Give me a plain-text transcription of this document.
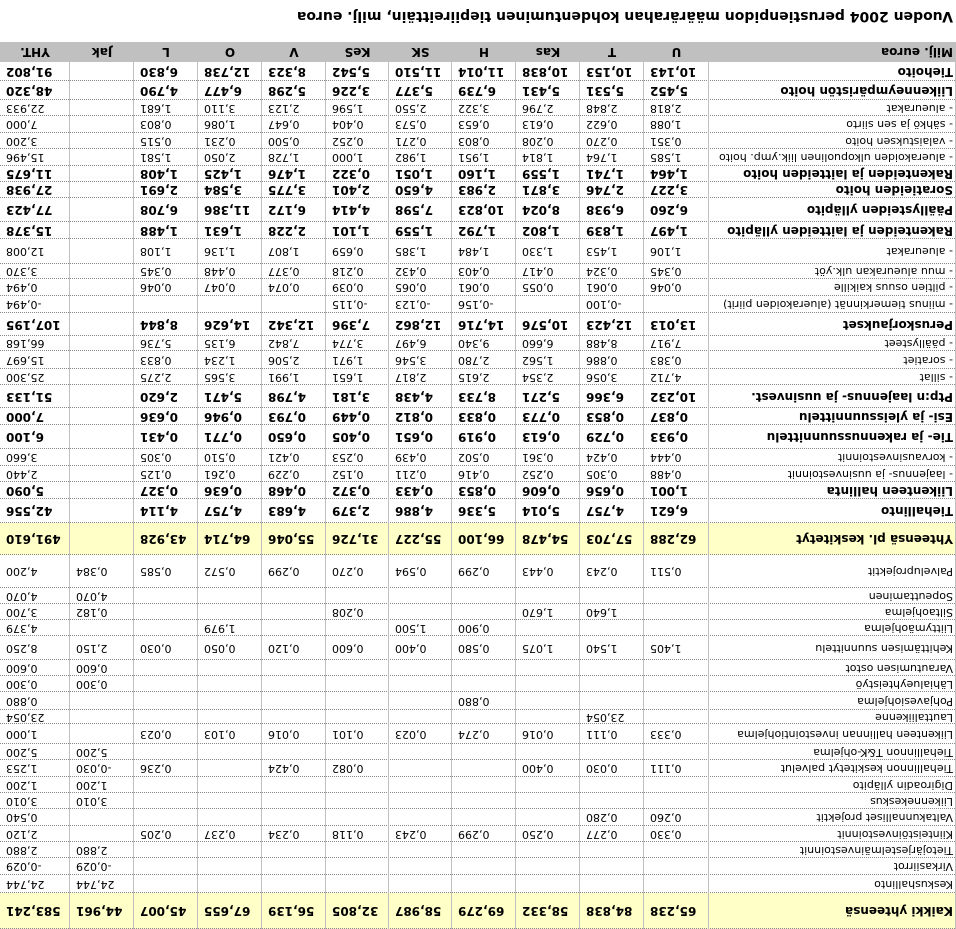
Vuoden 2004 perustienpidon määrärahan kohdentuminen tiepiireittäin, milj. euroa
Milj. euroa
U
T
Kas
H
SK
KeS
V
O
L
Jak
YHT.
Tiehoito
10,143
10,153
10,838
11,014
11,510
5,542
8,323
12,738
6,830
91,802
Liikenneympäristön hoito
5,452
5,531
5,431
6,739
5,377
3,226
5,298
6,477
4,790
48,320
- alueurakat
2,818
2,848
2,796
3,322
2,550
1,596
2,123
3,110
1,681
22,933
- sähkö ja sen siirto
1,088
0,622
0,613
0,653
0,573
0,404
0,647
1,086
0,803
7,000
- valaistuksen hoito
0,351
0,270
0,208
0,803
0,271
0,252
0,500
0,231
0,515
3,200
- aluerakoiden ulkopuolinen liik.ymp. hoito
1,585
1,764
1,814
1,951
1,982
1,000
1,728
2,050
1,581
15,496
Rakenteiden ja laitteiden hoito
1,464
1,741
1,559
1,160
1,051
0,322
1,476
1,425
1,408
11,675
Soratieiden hoito
3,227
2,746
3,871
2,983
4,650
2,401
3,775
3,584
2,691
27,938
Päällysteiden ylläpito
6,260
6,938
8,024
10,823
7,598
4,414
6,172
11,386
6,708
77,423
Rakenteiden ja laitteiden ylläpito
1,497
1,839
1,802
1,792
1,559
1,101
2,228
1,631
1,488
15,378
- alueurakat
1,106
1,453
1,330
1,484
1,385
0,659
1,807
1,136
1,108
12,008
- muu alueurakan ulk.yöt
0,345
0,324
0,417
0,403
0,432
0,218
0,377
0,448
0,345
3,370
- piltien osuus kaikille
0,046
0,061
0,055
0,061
0,065
0,039
0,074
0,047
0,046
0,494
- miinus tiemerkinnät (aluerakoiden piirit)
-0,100
-0,156
-0,123
-0,115
-0,494
Peruskorjaukset
13,013
12,423
10,576
14,716
12,862
7,396
12,342
14,626
8,844
107,195
- päällysteet
7,917
8,488
6,660
9,340
6,497
3,774
7,842
6,135
5,736
66,168
- soratiet
0,383
0,886
1,562
2,780
3,546
1,971
2,506
1,234
0,833
15,697
- sillat
4,712
3,056
2,354
2,615
2,817
1,651
1,991
3,565
2,275
25,300
Ptp:n laajennus- ja uusinvest.
10,232
6,366
5,271
8,733
4,438
3,181
4,798
5,471
2,620
51,133
Esi- ja yleissuunnittelu
0,837
0,853
0,773
0,833
0,812
0,449
0,793
0,946
0,636
7,000
Tie- ja rakennussuunnittelu
0,933
0,729
0,613
0,919
0,651
0,405
0,650
0,771
0,431
6,100
- korvausinvestoinnit
0,444
0,424
0,361
0,502
0,439
0,253
0,421
0,510
0,305
3,660
- laajennus- ja uusinvestoinnit
0,488
0,305
0,252
0,416
0,211
0,152
0,229
0,261
0,125
2,440
Liikenteen hallinta
1,001
0,656
0,606
0,853
0,433
0,372
0,468
0,636
0,327
5,090
Tiehallinto
6,621
4,757
5,014
5,336
4,886
2,379
4,683
4,757
4,114
42,556
Yhteensä pl. keskitetyt
62,288
57,703
54,478
66,100
55,227
31,726
55,046
64,714
43,928
491,610
Palveluprojektit
0,511
0,243
0,443
0,299
0,594
0,270
0,299
0,572
0,585
0,384
4,200
Sopeuttaminen
4,070
4,070
Siltaohjelma
1,640
1,670
0,208
0,182
3,700
Liittymäohjelma
0,900
1,500
1,979
4,379
Kehittämisen suunnittelu
1,405
1,540
1,075
0,580
0,400
0,600
0,120
0,050
0,030
2,150
8,250
Varautumisen ostot
0,600
0,600
Lähialueyhteistyö
0,300
0,300
Pohjavesiohjelma
0,880
0,880
Lauttaliikenne
23,054
23,054
Liikenteen hallinnan investointiohjelma
0,333
0,111
0,016
0,274
0,023
0,101
0,016
0,103
0,023
1,000
Tiehallinnon T&K-ohjelma
5,200
5,200
Tiehallinnon keskitetyt palvelut
0,111
0,030
0,400
0,082
0,424
0,236
-0,030
1,253
Digiroadin ylläpito
1,200
1,200
Liikennekeskus
3,010
3,010
Valtakunnalliset projektit
0,260
0,280
0,540
Kiinteistöinvestoinnit
0,330
0,277
0,250
0,299
0,243
0,118
0,234
0,237
0,205
2,120
Tietojärjestelmäinvestoinnit
2,880
2,880
Virkasiirrot
-0,029
-0,029
Keskushallinto
24,744
24,744
Kaikki yhteensä
65,238
84,838
58,332
69,279
58,987
32,805
56,139
67,655
45,007
44,961
583,241
